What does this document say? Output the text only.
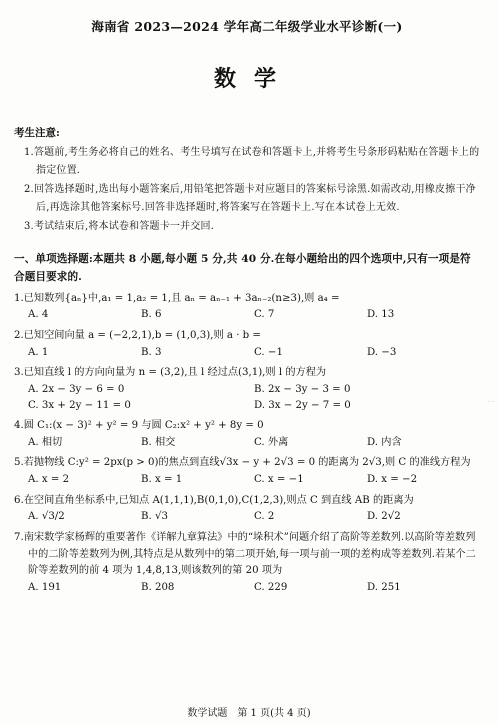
海南省 2023—2024 学年高二年级学业水平诊断(一)
数学
考生注意:
1.答题前,考生务必将自己的姓名、考生号填写在试卷和答题卡上,并将考生号条形码粘贴在答题卡上的指定位置.
2.回答选择题时,选出每小题答案后,用铅笔把答题卡对应题目的答案标号涂黑.如需改动,用橡皮擦干净后,再选涂其他答案标号.回答非选择题时,将答案写在答题卡上.写在本试卷上无效.
3.考试结束后,将本试卷和答题卡一并交回.
一、单项选择题:本题共 8 小题,每小题 5 分,共 40 分.在每小题给出的四个选项中,只有一项是符合题目要求的.
1.已知数列{aₙ}中,a₁ = 1,a₂ = 1,且 aₙ = aₙ₋₁ + 3aₙ₋₂(n≥3),则 a₄ =
A. 4	B. 6	C. 7	D. 13
2.已知空间向量 a = (−2,2,1),b = (1,0,3),则 a · b =
A. 1	B. 3	C. −1	D. −3
3.已知直线 l 的方向向量为 n = (3,2),且 l 经过点(3,1),则 l 的方程为
A. 2x − 3y − 6 = 0	B. 2x − 3y − 3 = 0
C. 3x + 2y − 11 = 0	D. 3x − 2y − 7 = 0
4.圆 C₁:(x − 3)² + y² = 9 与圆 C₂:x² + y² + 8y = 0
A. 相切	B. 相交	C. 外离	D. 内含
5.若抛物线 C:y² = 2px(p > 0)的焦点到直线√3x − y + 2√3 = 0 的距离为 2√3,则 C 的准线方程为
A. x = 2	B. x = 1	C. x = −1	D. x = −2
6.在空间直角坐标系中,已知点 A(1,1,1),B(0,1,0),C(1,2,3),则点 C 到直线 AB 的距离为
A. √3/2	B. √3	C. 2	D. 2√2
7.南宋数学家杨辉的重要著作《详解九章算法》中的“垛积术”问题介绍了高阶等差数列.以高阶等差数列中的二阶等差数列为例,其特点是从数列中的第二项开始,每一项与前一项的差构成等差数列.若某个二阶等差数列的前 4 项为 1,4,8,13,则该数列的第 20 项为
A. 191	B. 208	C. 229	D. 251
· ·
数学试题　第 1 页(共 4 页)
